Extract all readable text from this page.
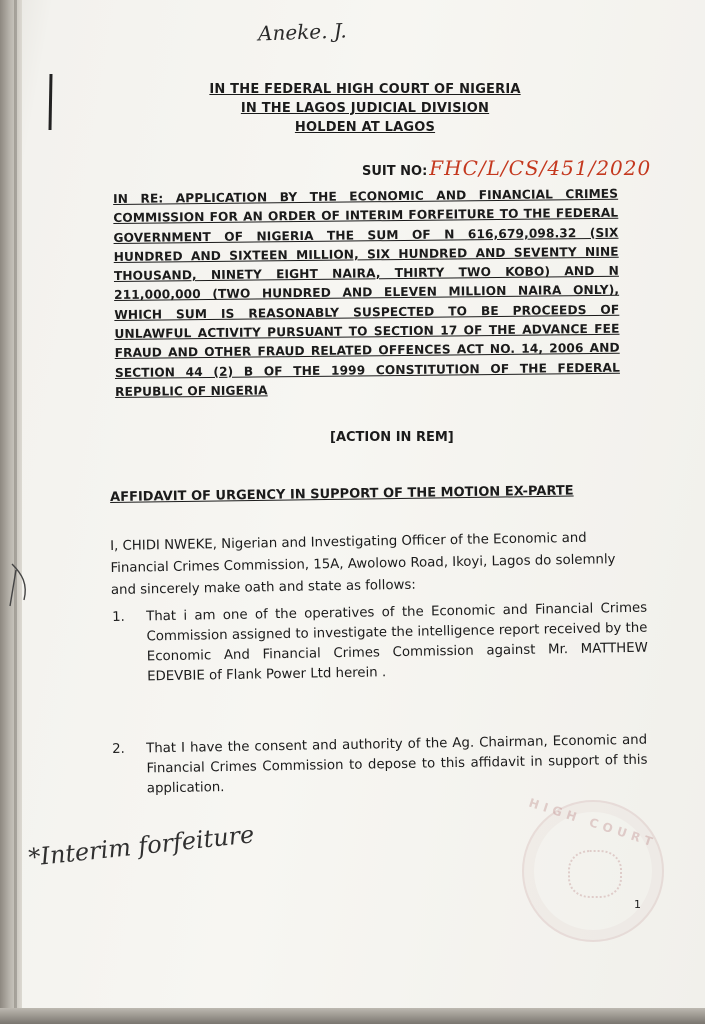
Aneke. J.
IN THE FEDERAL HIGH COURT OF NIGERIA
IN THE LAGOS JUDICIAL DIVISION
HOLDEN AT LAGOS
SUIT NO: FHC/L/CS/451/2020
IN RE: APPLICATION BY THE ECONOMIC AND FINANCIAL CRIMES COMMISSION FOR AN ORDER OF INTERIM FORFEITURE TO THE FEDERAL GOVERNMENT OF NIGERIA THE SUM OF N 616,679,098.32 (SIX HUNDRED AND SIXTEEN MILLION, SIX HUNDRED AND SEVENTY NINE THOUSAND, NINETY EIGHT NAIRA, THIRTY TWO KOBO) AND N 211,000,000 (TWO HUNDRED AND ELEVEN MILLION NAIRA ONLY), WHICH SUM IS REASONABLY SUSPECTED TO BE PROCEEDS OF UNLAWFUL ACTIVITY PURSUANT TO SECTION 17 OF THE ADVANCE FEE FRAUD AND OTHER FRAUD RELATED OFFENCES ACT NO. 14, 2006 AND SECTION 44 (2) B OF THE 1999 CONSTITUTION OF THE FEDERAL REPUBLIC OF NIGERIA
[ACTION IN REM]
AFFIDAVIT OF URGENCY IN SUPPORT OF THE MOTION EX-PARTE
I, CHIDI NWEKE, Nigerian and Investigating Officer of the Economic and Financial Crimes Commission, 15A, Awolowo Road, Ikoyi, Lagos do solemnly and sincerely make oath and state as follows:
1.	That i am one of the operatives of the Economic and Financial Crimes Commission assigned to investigate the intelligence report received by the Economic And Financial Crimes Commission against Mr. MATTHEW EDEVBIE of Flank Power Ltd herein .
2.	That I have the consent and authority of the Ag. Chairman, Economic and Financial Crimes Commission to depose to this affidavit in support of this application.
*Interim forfeiture	HIGH COURT
1
